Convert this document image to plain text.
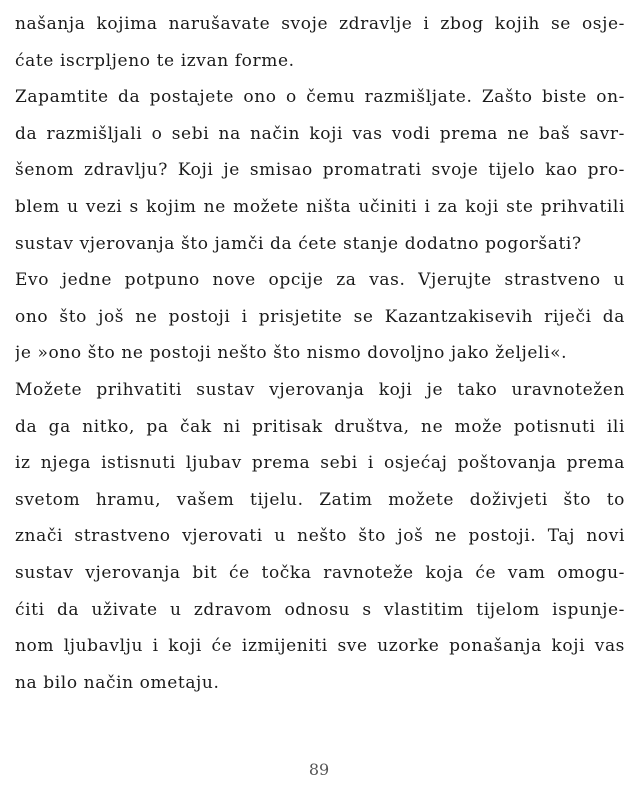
našanja kojima narušavate svoje zdravlje i zbog kojih se osje-
ćate iscrpljeno te izvan forme.
Zapamtite da postajete ono o čemu razmišljate. Zašto biste on-
da razmišljali o sebi na način koji vas vodi prema ne baš savr-
šenom zdravlju? Koji je smisao promatrati svoje tijelo kao pro-
blem u vezi s kojim ne možete ništa učiniti i za koji ste prihvatili
sustav vjerovanja što jamči da ćete stanje dodatno pogoršati?
Evo jedne potpuno nove opcije za vas. Vjerujte strastveno u
ono što još ne postoji i prisjetite se Kazantzakisevih riječi da
je »ono što ne postoji nešto što nismo dovoljno jako željeli«.
Možete prihvatiti sustav vjerovanja koji je tako uravnotežen
da ga nitko, pa čak ni pritisak društva, ne može potisnuti ili
iz njega istisnuti ljubav prema sebi i osjećaj poštovanja prema
svetom hramu, vašem tijelu. Zatim možete doživjeti što to
znači strastveno vjerovati u nešto što još ne postoji. Taj novi
sustav vjerovanja bit će točka ravnoteže koja će vam omogu-
ćiti da uživate u zdravom odnosu s vlastitim tijelom ispunje-
nom ljubavlju i koji će izmijeniti sve uzorke ponašanja koji vas
na bilo način ometaju.
89
